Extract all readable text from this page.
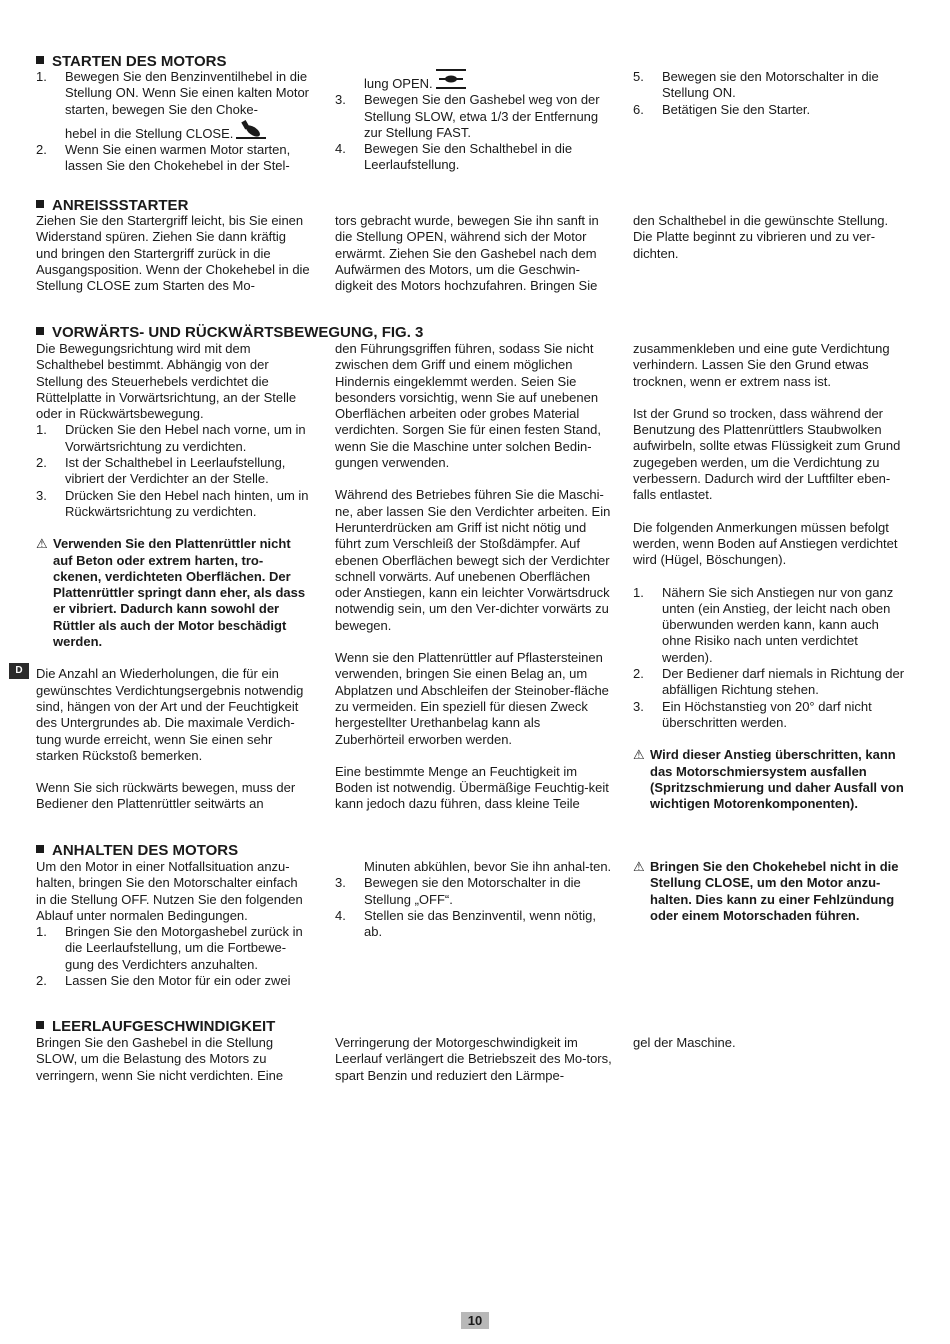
D
10
STARTEN DES MOTORS
1. Bewegen Sie den Benzinventilhebel in die Stellung ON. Wenn Sie einen kalten Motor starten, bewegen Sie den Choke-
hebel in die Stellung CLOSE.
2. Wenn Sie einen warmen Motor starten, lassen Sie den Chokehebel in der Stel-
lung OPEN.
3. Bewegen Sie den Gashebel weg von der Stellung SLOW, etwa 1/3 der Entfernung zur Stellung FAST.
4. Bewegen Sie den Schalthebel in die Leerlaufstellung.
5. Bewegen sie den Motorschalter in die Stellung ON.
6. Betätigen Sie den Starter.
ANREISSSTARTER

Ziehen Sie den Startergriff leicht, bis Sie einen Widerstand spüren. Ziehen Sie dann kräftig und bringen den Startergriff zurück in die Ausgangsposition. Wenn der Chokehebel in die Stellung CLOSE zum Starten des Mo-

tors gebracht wurde, bewegen Sie ihn sanft in die Stellung OPEN, während sich der Motor erwärmt. Ziehen Sie den Gashebel nach dem Aufwärmen des Motors, um die Geschwin-digkeit des Motors hochzufahren. Bringen Sie

den Schalthebel in die gewünschte Stellung. Die Platte beginnt zu vibrieren und zu ver-dichten.

VORWÄRTS- UND RÜCKWÄRTSBEWEGUNG, FIG. 3

Die Bewegungsrichtung wird mit dem Schalthebel bestimmt. Abhängig von der Stellung des Steuerhebels verdichtet die Rüttelplatte in Vorwärtsrichtung, an der Stelle oder in Rückwärtsbewegung.

1. Drücken Sie den Hebel nach vorne, um in Vorwärtsrichtung zu verdichten.
2. Ist der Schalthebel in Leerlaufstellung, vibriert der Verdichter an der Stelle.
3. Drücken Sie den Hebel nach hinten, um in Rückwärtsrichtung zu verdichten.
⚠ Verwenden Sie den Plattenrüttler nicht auf Beton oder extrem harten, tro-ckenen, verdichteten Oberflächen. Der Plattenrüttler springt dann eher, als dass er vibriert. Dadurch kann sowohl der Rüttler als auch der Motor beschädigt werden.

Die Anzahl an Wiederholungen, die für ein gewünschtes Verdichtungsergebnis notwendig sind, hängen von der Art und der Feuchtigkeit des Untergrundes ab. Die maximale Verdich-tung wurde erreicht, wenn Sie einen sehr starken Rückstoß bemerken.

Wenn Sie sich rückwärts bewegen, muss der Bediener den Plattenrüttler seitwärts an

den Führungsgriffen führen, sodass Sie nicht zwischen dem Griff und einem möglichen Hindernis eingeklemmt werden. Seien Sie besonders vorsichtig, wenn Sie auf unebenen Oberflächen arbeiten oder grobes Material verdichten. Sorgen Sie für einen festen Stand, wenn Sie die Maschine unter solchen Bedin-gungen verwenden.

Während des Betriebes führen Sie die Maschi-ne, aber lassen Sie den Verdichter arbeiten. Ein Herunterdrücken am Griff ist nicht nötig und führt zum Verschleiß der Stoßdämpfer. Auf ebenen Oberflächen bewegt sich der Verdichter schnell vorwärts. Auf unebenen Oberflächen oder Anstiegen, kann ein leichter Vorwärtsdruck notwendig sein, um den Ver-dichter vorwärts zu bewegen.

Wenn sie den Plattenrüttler auf Pflastersteinen verwenden, bringen Sie einen Belag an, um Abplatzen und Abschleifen der Steinober-fläche zu vermeiden. Ein speziell für diesen Zweck hergestellter Urethanbelag kann als Zuberhörteil erworben werden.

Eine bestimmte Menge an Feuchtigkeit im Boden ist notwendig. Übermäßige Feuchtig-keit kann jedoch dazu führen, dass kleine Teile

zusammenkleben und eine gute Verdichtung verhindern. Lassen Sie den Grund etwas trocknen, wenn er extrem nass ist.

Ist der Grund so trocken, dass während der Benutzung des Plattenrüttlers Staubwolken aufwirbeln, sollte etwas Flüssigkeit zum Grund zugegeben werden, um die Verdichtung zu verbessern. Dadurch wird der Luftfilter eben-falls entlastet.

Die folgenden Anmerkungen müssen befolgt werden, wenn Boden auf Anstiegen verdichtet wird (Hügel, Böschungen).

1. Nähern Sie sich Anstiegen nur von ganz unten (ein Anstieg, der leicht nach oben überwunden werden kann, kann auch ohne Risiko nach unten verdichtet werden).
2. Der Bediener darf niemals in Richtung der abfälligen Richtung stehen.
3. Ein Höchstanstieg von 20° darf nicht überschritten werden.
⚠ Wird dieser Anstieg überschritten, kann das Motorschmiersystem ausfallen (Spritzschmierung und daher Ausfall von wichtigen Motorenkomponenten).
ANHALTEN DES MOTORS

Um den Motor in einer Notfallsituation anzu-halten, bringen Sie den Motorschalter einfach in die Stellung OFF. Nutzen Sie den folgenden Ablauf unter normalen Bedingungen.

1. Bringen Sie den Motorgashebel zurück in die Leerlaufstellung, um die Fortbewe-gung des Verdichters anzuhalten.
2. Lassen Sie den Motor für ein oder zwei

Minuten abkühlen, bevor Sie ihn anhal-ten.

3. Bewegen sie den Motorschalter in die Stellung „OFF“.
4. Stellen sie das Benzinventil, wenn nötig, ab.
⚠ Bringen Sie den Chokehebel nicht in die Stellung CLOSE, um den Motor anzu-halten. Dies kann zu einer Fehlzündung oder einem Motorschaden führen.
LEERLAUFGESCHWINDIGKEIT

Bringen Sie den Gashebel in die Stellung SLOW, um die Belastung des Motors zu verringern, wenn Sie nicht verdichten. Eine

Verringerung der Motorgeschwindigkeit im Leerlauf verlängert die Betriebszeit des Mo-tors, spart Benzin und reduziert den Lärmpe-

gel der Maschine.
